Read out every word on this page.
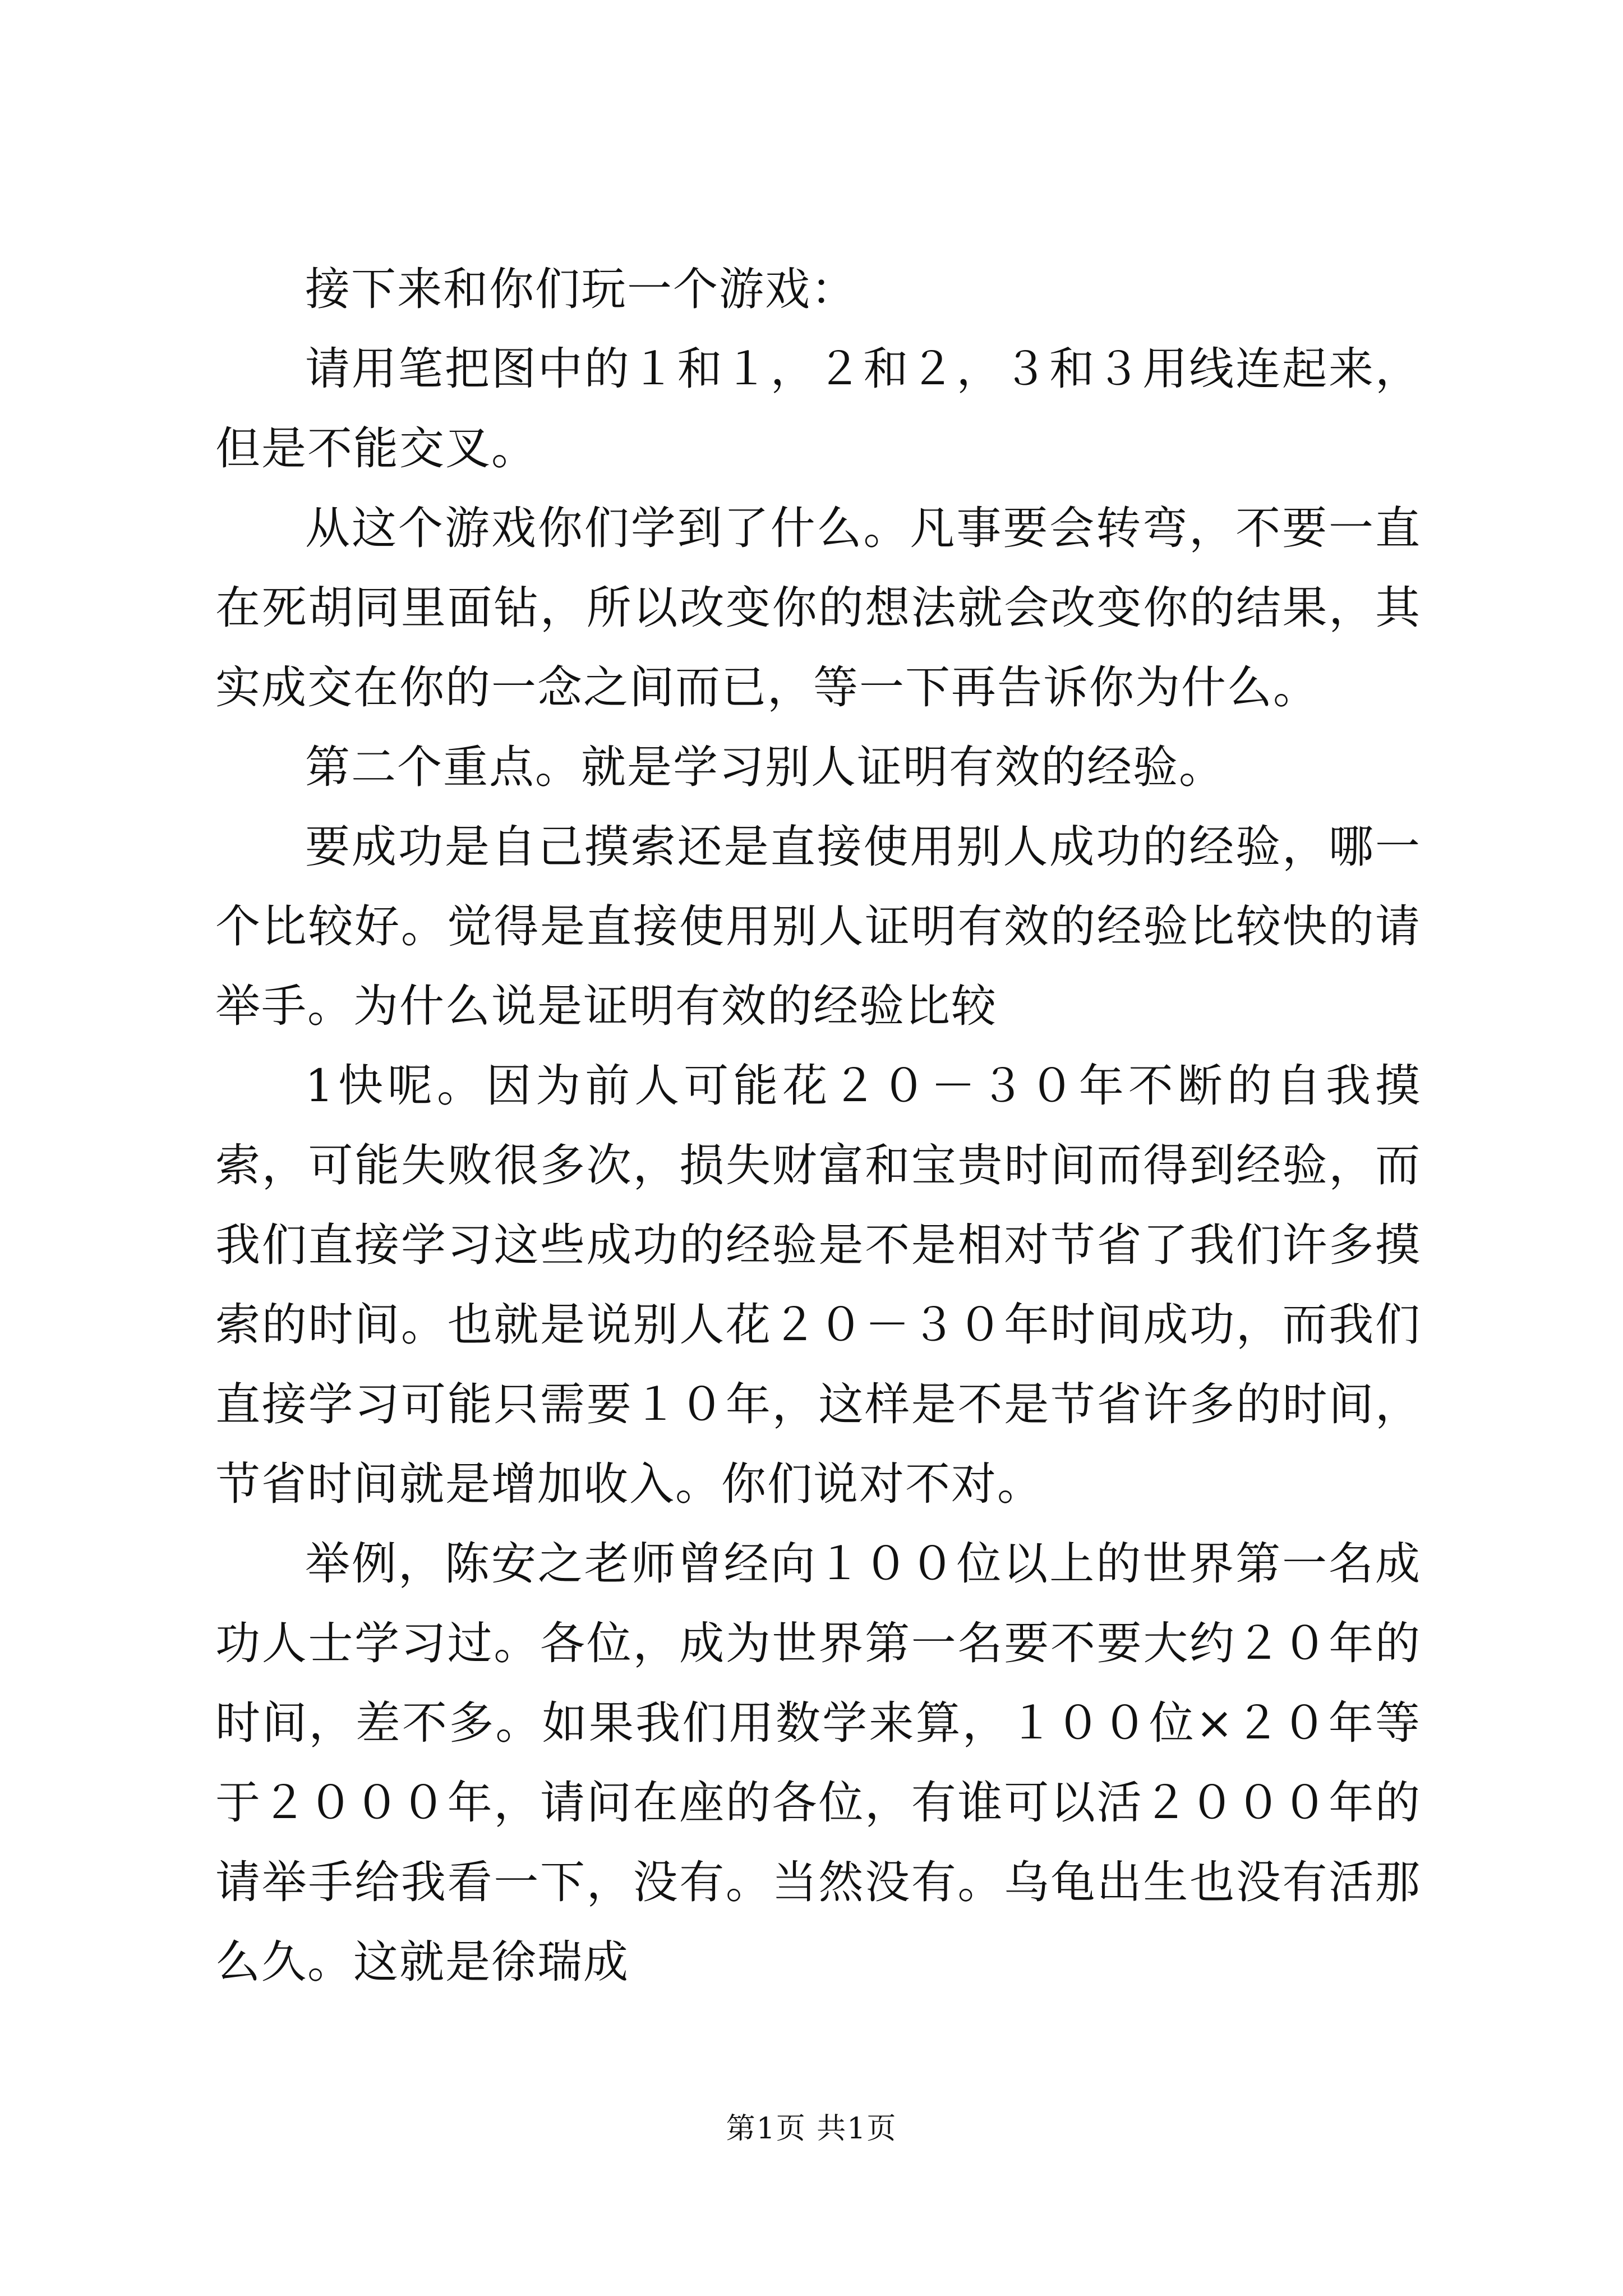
接下来和你们玩一个游戏：

请用笔把图中的１和１，２和２，３和３用线连起来，但是不能交叉。

从这个游戏你们学到了什么。凡事要会转弯，不要一直在死胡同里面钻，所以改变你的想法就会改变你的结果，其实成交在你的一念之间而已，等一下再告诉你为什么。

第二个重点。就是学习别人证明有效的经验。

要成功是自己摸索还是直接使用别人成功的经验，哪一个比较好。觉得是直接使用别人证明有效的经验比较快的请举手。为什么说是证明有效的经验比较

1快呢。因为前人可能花２０－３０年不断的自我摸索，可能失败很多次，损失财富和宝贵时间而得到经验，而我们直接学习这些成功的经验是不是相对节省了我们许多摸索的时间。也就是说别人花２０－３０年时间成功，而我们直接学习可能只需要１０年，这样是不是节省许多的时间，节省时间就是增加收入。你们说对不对。

举例，陈安之老师曾经向１００位以上的世界第一名成功人士学习过。各位，成为世界第一名要不要大约２０年的时间，差不多。如果我们用数学来算，１００位×２０年等于２０００年，请问在座的各位，有谁可以活２０００年的请举手给我看一下，没有。当然没有。乌龟出生也没有活那么久。这就是徐瑞成

第1页 共1页
